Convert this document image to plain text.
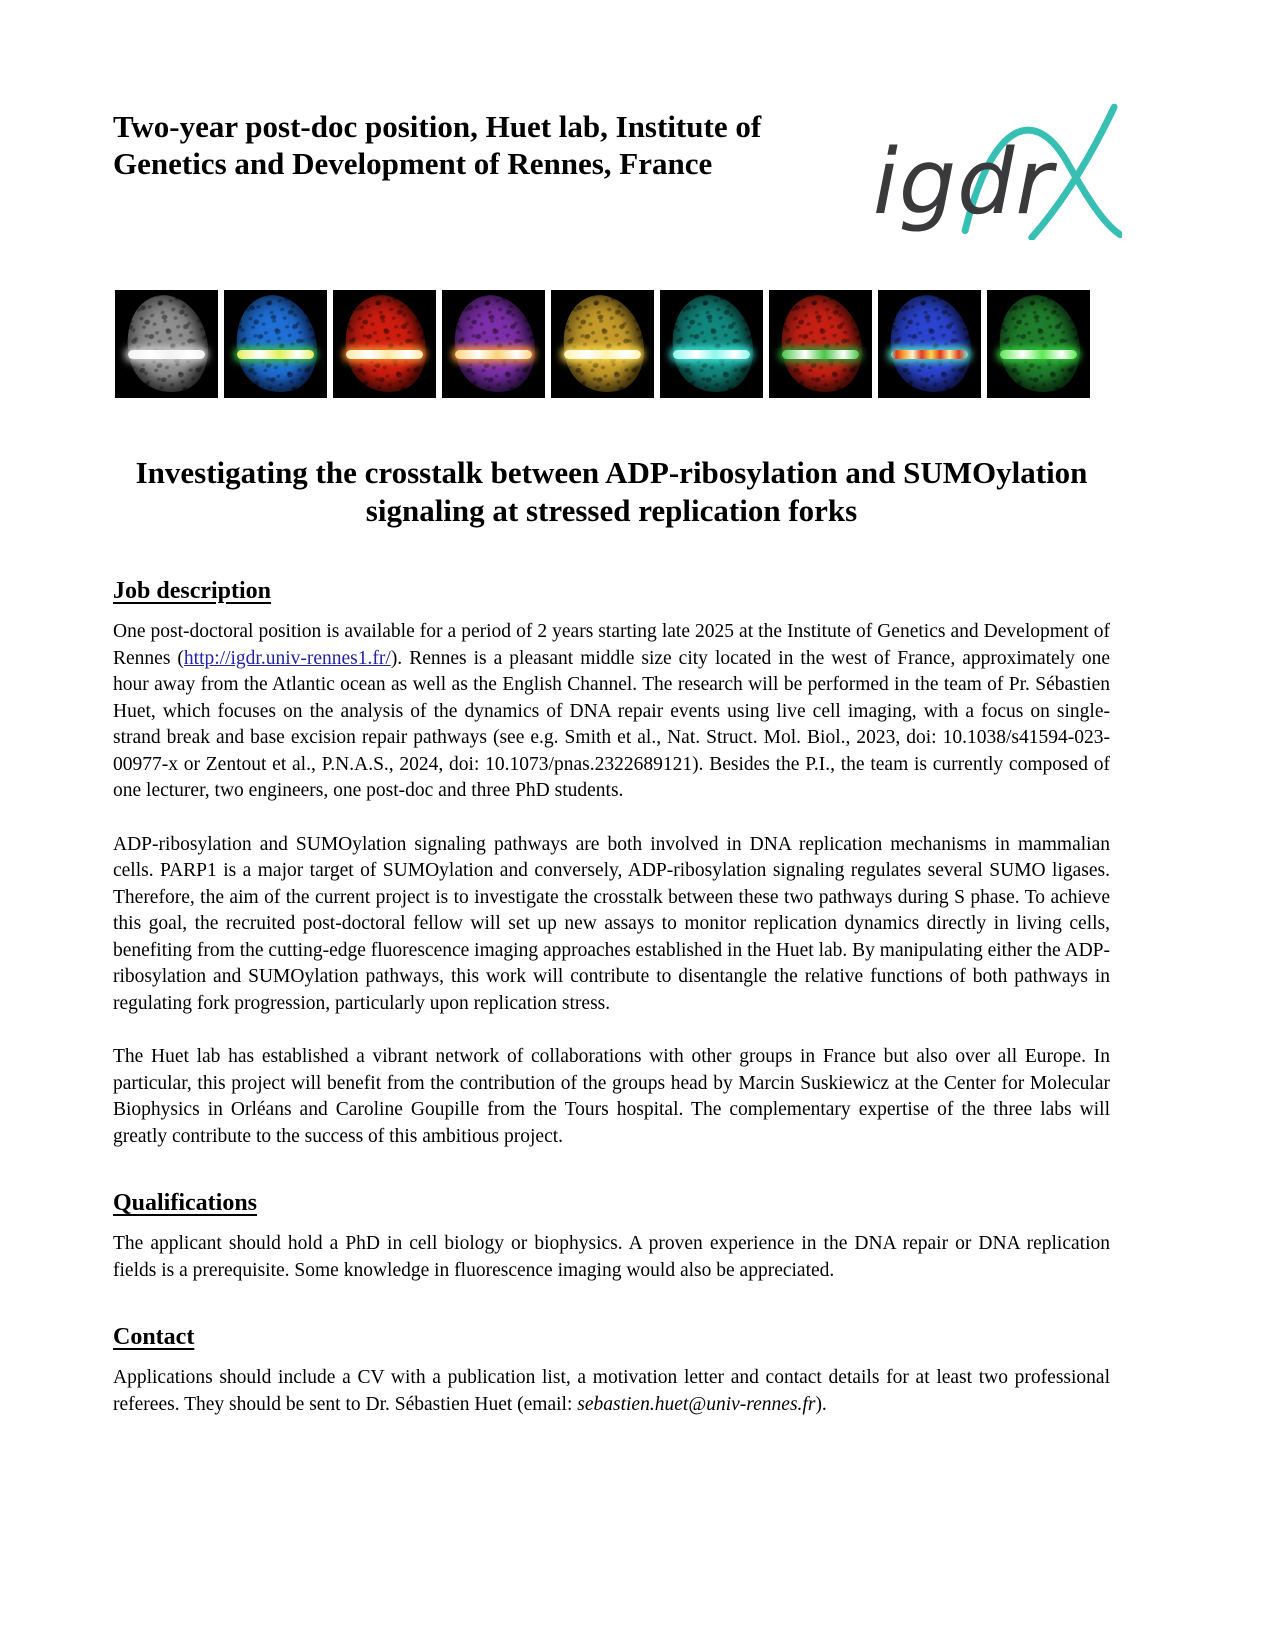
Two-year post-doc position, Huet lab, Institute of Genetics and Development of Rennes, France	igdr
Investigating the crosstalk between ADP-ribosylation and SUMOylation signaling at stressed replication forks
Job description

One post-doctoral position is available for a period of 2 years starting late 2025 at the Institute of Genetics and Development of Rennes (http://igdr.univ-rennes1.fr/). Rennes is a pleasant middle size city located in the west of France, approximately one hour away from the Atlantic ocean as well as the English Channel. The research will be performed in the team of Pr. Sébastien Huet, which focuses on the analysis of the dynamics of DNA repair events using live cell imaging, with a focus on single-strand break and base excision repair pathways (see e.g. Smith et al., Nat. Struct. Mol. Biol., 2023, doi: 10.1038/s41594-023-00977-x or Zentout et al., P.N.A.S., 2024, doi: 10.1073/pnas.2322689121). Besides the P.I., the team is currently composed of one lecturer, two engineers, one post-doc and three PhD students.

ADP-ribosylation and SUMOylation signaling pathways are both involved in DNA replication mechanisms in mammalian cells. PARP1 is a major target of SUMOylation and conversely, ADP-ribosylation signaling regulates several SUMO ligases. Therefore, the aim of the current project is to investigate the crosstalk between these two pathways during S phase. To achieve this goal, the recruited post-doctoral fellow will set up new assays to monitor replication dynamics directly in living cells, benefiting from the cutting-edge fluorescence imaging approaches established in the Huet lab. By manipulating either the ADP-ribosylation and SUMOylation pathways, this work will contribute to disentangle the relative functions of both pathways in regulating fork progression, particularly upon replication stress.

The Huet lab has established a vibrant network of collaborations with other groups in France but also over all Europe. In particular, this project will benefit from the contribution of the groups head by Marcin Suskiewicz at the Center for Molecular Biophysics in Orléans and Caroline Goupille from the Tours hospital. The complementary expertise of the three labs will greatly contribute to the success of this ambitious project.

Qualifications

The applicant should hold a PhD in cell biology or biophysics. A proven experience in the DNA repair or DNA replication fields is a prerequisite. Some knowledge in fluorescence imaging would also be appreciated.

Contact

Applications should include a CV with a publication list, a motivation letter and contact details for at least two professional referees. They should be sent to Dr. Sébastien Huet (email: sebastien.huet@univ-rennes.fr).
